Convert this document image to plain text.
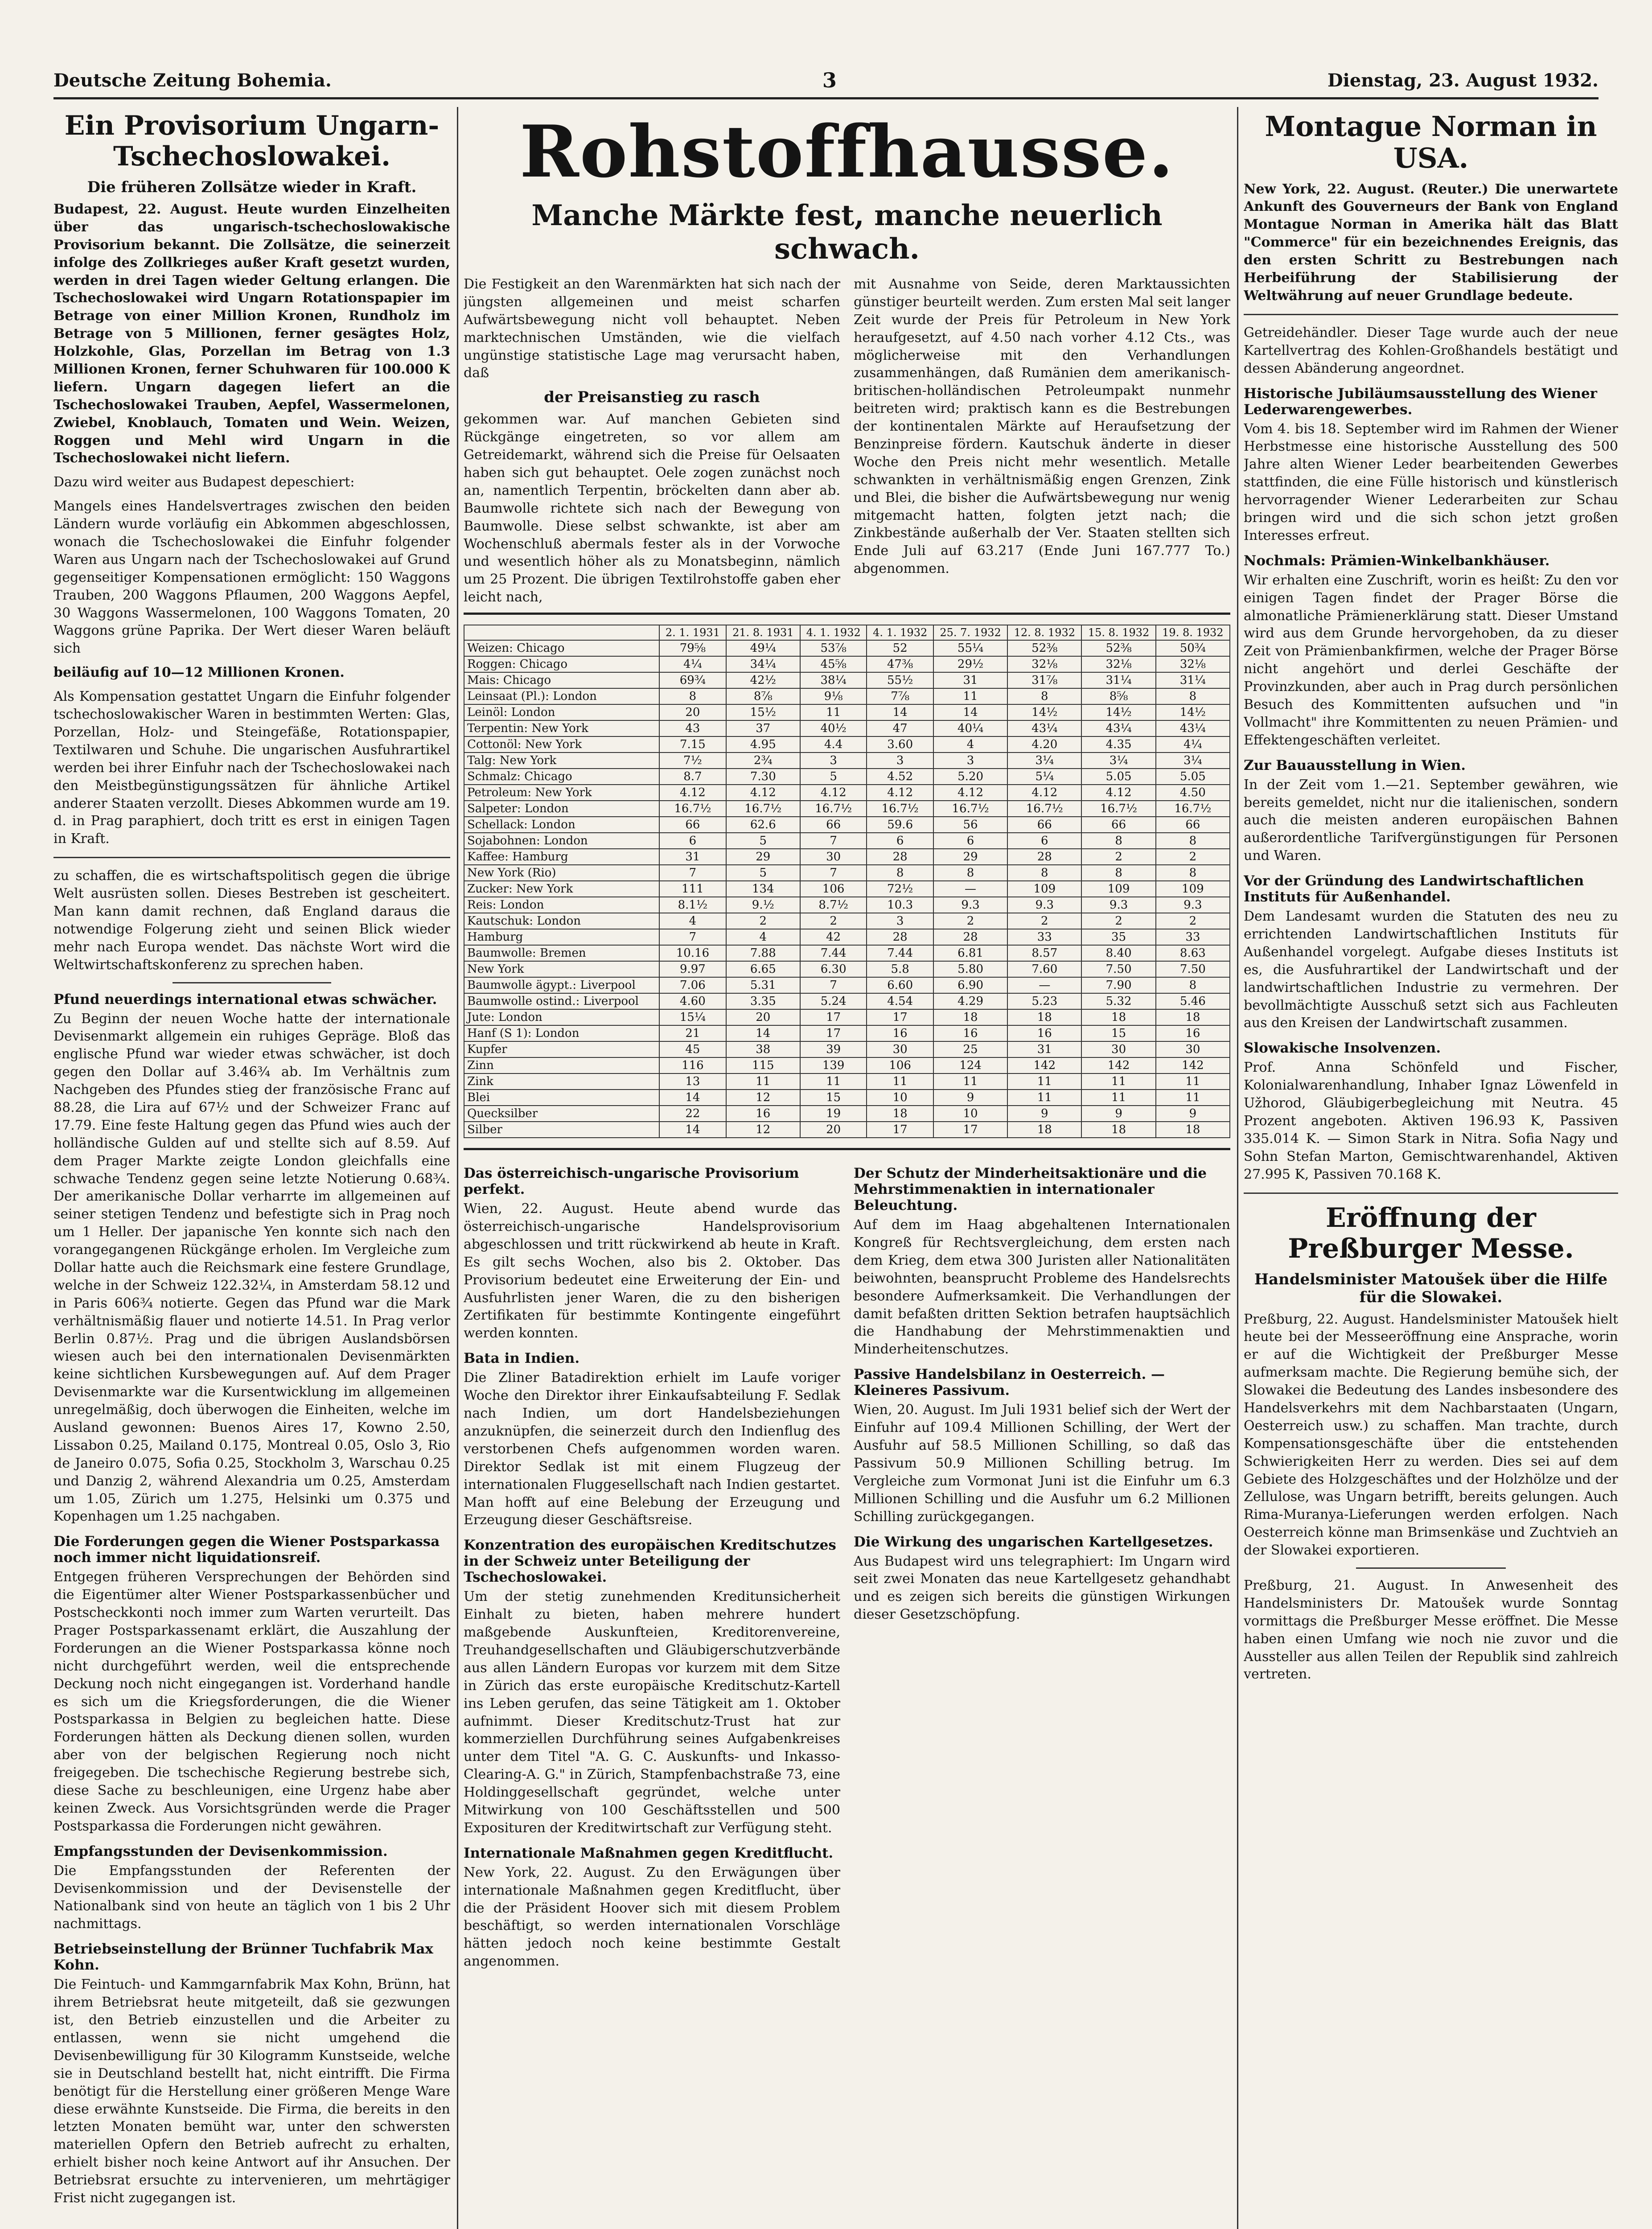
Deutsche Zeitung Bohemia.	3	Dienstag, 23. August 1932.
Ein Provisorium Ungarn-Tschechoslowakei.
Die früheren Zollsätze wieder in Kraft.

Budapest, 22. August. Heute wurden Einzelheiten über das ungarisch-tschechoslowakische Provisorium bekannt. Die Zollsätze, die seinerzeit infolge des Zollkrieges außer Kraft gesetzt wurden, werden in drei Tagen wieder Geltung erlangen. Die Tschechoslowakei wird Ungarn Rotationspapier im Betrage von einer Million Kronen, Rundholz im Betrage von 5 Millionen, ferner gesägtes Holz, Holzkohle, Glas, Porzellan im Betrag von 1.3 Millionen Kronen, ferner Schuhwaren für 100.000 K liefern. Ungarn dagegen liefert an die Tschechoslowakei Trauben, Aepfel, Wassermelonen, Zwiebel, Knoblauch, Tomaten und Wein. Weizen, Roggen und Mehl wird Ungarn in die Tschechoslowakei nicht liefern.

Dazu wird weiter aus Budapest depeschiert:

Mangels eines Handelsvertrages zwischen den beiden Ländern wurde vorläufig ein Abkommen abgeschlossen, wonach die Tschechoslowakei die Einfuhr folgender Waren aus Ungarn nach der Tschechoslowakei auf Grund gegenseitiger Kompensationen ermöglicht: 150 Waggons Trauben, 200 Waggons Pflaumen, 200 Waggons Aepfel, 30 Waggons Wassermelonen, 100 Waggons Tomaten, 20 Waggons grüne Paprika. Der Wert dieser Waren beläuft sich

beiläufig auf 10—12 Millionen Kronen.

Als Kompensation gestattet Ungarn die Einfuhr folgender tschechoslowakischer Waren in bestimmten Werten: Glas, Porzellan, Holz- und Steingefäße, Rotationspapier, Textilwaren und Schuhe. Die ungarischen Ausfuhrartikel werden bei ihrer Einfuhr nach der Tschechoslowakei nach den Meistbegünstigungssätzen für ähnliche Artikel anderer Staaten verzollt. Dieses Abkommen wurde am 19. d. in Prag paraphiert, doch tritt es erst in einigen Tagen in Kraft.

zu schaffen, die es wirtschaftspolitisch gegen die übrige Welt ausrüsten sollen. Dieses Bestreben ist gescheitert. Man kann damit rechnen, daß England daraus die notwendige Folgerung zieht und seinen Blick wieder mehr nach Europa wendet. Das nächste Wort wird die Weltwirtschaftskonferenz zu sprechen haben.

Pfund neuerdings international etwas schwächer.

Zu Beginn der neuen Woche hatte der internationale Devisenmarkt allgemein ein ruhiges Gepräge. Bloß das englische Pfund war wieder etwas schwächer, ist doch gegen den Dollar auf 3.46¾ ab. Im Verhältnis zum Nachgeben des Pfundes stieg der französische Franc auf 88.28, die Lira auf 67½ und der Schweizer Franc auf 17.79. Eine feste Haltung gegen das Pfund wies auch der holländische Gulden auf und stellte sich auf 8.59. Auf dem Prager Markte zeigte London gleichfalls eine schwache Tendenz gegen seine letzte Notierung 0.68¾. Der amerikanische Dollar verharrte im allgemeinen auf seiner stetigen Tendenz und befestigte sich in Prag noch um 1 Heller. Der japanische Yen konnte sich nach den vorangegangenen Rückgänge erholen. Im Vergleiche zum Dollar hatte auch die Reichsmark eine festere Grundlage, welche in der Schweiz 122.32¼, in Amsterdam 58.12 und in Paris 606¾ notierte. Gegen das Pfund war die Mark verhältnismäßig flauer und notierte 14.51. In Prag verlor Berlin 0.87½. Prag und die übrigen Auslandsbörsen wiesen auch bei den internationalen Devisenmärkten keine sichtlichen Kursbewegungen auf. Auf dem Prager Devisenmarkte war die Kursentwicklung im allgemeinen unregelmäßig, doch überwogen die Einheiten, welche im Ausland gewonnen: Buenos Aires 17, Kowno 2.50, Lissabon 0.25, Mailand 0.175, Montreal 0.05, Oslo 3, Rio de Janeiro 0.075, Sofia 0.25, Stockholm 3, Warschau 0.25 und Danzig 2, während Alexandria um 0.25, Amsterdam um 1.05, Zürich um 1.275, Helsinki um 0.375 und Kopenhagen um 1.25 nachgaben.

Die Forderungen gegen die Wiener Postsparkassa noch immer nicht liquidationsreif.

Entgegen früheren Versprechungen der Behörden sind die Eigentümer alter Wiener Postsparkassenbücher und Postscheckkonti noch immer zum Warten verurteilt. Das Prager Postsparkassenamt erklärt, die Auszahlung der Forderungen an die Wiener Postsparkassa könne noch nicht durchgeführt werden, weil die entsprechende Deckung noch nicht eingegangen ist. Vorderhand handle es sich um die Kriegsforderungen, die die Wiener Postsparkassa in Belgien zu begleichen hatte. Diese Forderungen hätten als Deckung dienen sollen, wurden aber von der belgischen Regierung noch nicht freigegeben. Die tschechische Regierung bestrebe sich, diese Sache zu beschleunigen, eine Urgenz habe aber keinen Zweck. Aus Vorsichtsgründen werde die Prager Postsparkassa die Forderungen nicht gewähren.

Empfangsstunden der Devisenkommission.

Die Empfangsstunden der Referenten der Devisenkommission und der Devisenstelle der Nationalbank sind von heute an täglich von 1 bis 2 Uhr nachmittags.

Betriebseinstellung der Brünner Tuchfabrik Max Kohn.

Die Feintuch- und Kammgarnfabrik Max Kohn, Brünn, hat ihrem Betriebsrat heute mitgeteilt, daß sie gezwungen ist, den Betrieb einzustellen und die Arbeiter zu entlassen, wenn sie nicht umgehend die Devisenbewilligung für 30 Kilogramm Kunstseide, welche sie in Deutschland bestellt hat, nicht eintrifft. Die Firma benötigt für die Herstellung einer größeren Menge Ware diese erwähnte Kunstseide. Die Firma, die bereits in den letzten Monaten bemüht war, unter den schwersten materiellen Opfern den Betrieb aufrecht zu erhalten, erhielt bisher noch keine Antwort auf ihr Ansuchen. Der Betriebsrat ersuchte zu intervenieren, um mehrtägiger Frist nicht zugegangen ist.

Rohstoffhausse.
Manche Märkte fest, manche neuerlich schwach.

Die Festigkeit an den Warenmärkten hat sich nach der jüngsten allgemeinen und meist scharfen Aufwärtsbewegung nicht voll behauptet. Neben marktechnischen Umständen, wie die vielfach ungünstige statistische Lage mag verursacht haben, daß

der Preisanstieg zu rasch

gekommen war. Auf manchen Gebieten sind Rückgänge eingetreten, so vor allem am Getreidemarkt, während sich die Preise für Oelsaaten haben sich gut behauptet. Oele zogen zunächst noch an, namentlich Terpentin, bröckelten dann aber ab. Baumwolle richtete sich nach der Bewegung von Baumwolle. Diese selbst schwankte, ist aber am Wochenschluß abermals fester als in der Vorwoche und wesentlich höher als zu Monatsbeginn, nämlich um 25 Prozent. Die übrigen Textilrohstoffe gaben eher leicht nach,

mit Ausnahme von Seide, deren Marktaussichten günstiger beurteilt werden. Zum ersten Mal seit langer Zeit wurde der Preis für Petroleum in New York heraufgesetzt, auf 4.50 nach vorher 4.12 Cts., was möglicherweise mit den Verhandlungen zusammenhängen, daß Rumänien dem amerikanisch-britischen-holländischen Petroleumpakt nunmehr beitreten wird; praktisch kann es die Bestrebungen der kontinentalen Märkte auf Heraufsetzung der Benzinpreise fördern. Kautschuk änderte in dieser Woche den Preis nicht mehr wesentlich. Metalle schwankten in verhältnismäßig engen Grenzen, Zink und Blei, die bisher die Aufwärtsbewegung nur wenig mitgemacht hatten, folgten jetzt nach; die Zinkbestände außerhalb der Ver. Staaten stellten sich Ende Juli auf 63.217 (Ende Juni 167.777 To.) abgenommen.

	2. 1. 1931	21. 8. 1931	4. 1. 1932	4. 1. 1932	25. 7. 1932	12. 8. 1932	15. 8. 1932	19. 8. 1932
Weizen: Chicago	79⅝	49¼	53⅞	52	55¼	52⅜	52⅜	50¾
Roggen: Chicago	4¼	34¼	45⅝	47⅜	29½	32⅛	32⅛	32⅛
Mais: Chicago	69¾	42½	38¼	55½	31	31⅞	31¼	31¼
Leinsaat (Pl.): London	8	8⅞	9⅛	7⅞	11	8	8⅝	8
Leinöl: London	20	15½	11	14	14	14½	14½	14½
Terpentin: New York	43	37	40½	47	40¼	43¼	43¼	43¼
Cottonöl: New York	7.15	4.95	4.4	3.60	4	4.20	4.35	4¼
Talg: New York	7½	2¾	3	3	3	3¼	3¼	3¼
Schmalz: Chicago	8.7	7.30	5	4.52	5.20	5¼	5.05	5.05
Petroleum: New York	4.12	4.12	4.12	4.12	4.12	4.12	4.12	4.50
Salpeter: London	16.7½	16.7½	16.7½	16.7½	16.7½	16.7½	16.7½	16.7½
Schellack: London	66	62.6	66	59.6	56	66	66	66
Sojabohnen: London	6	5	7	6	6	6	8	8
Kaffee: Hamburg	31	29	30	28	29	28	2	2
New York (Rio)	7	5	7	8	8	8	8	8
Zucker: New York	111	134	106	72½	—	109	109	109
Reis: London	8.1½	9.½	8.7½	10.3	9.3	9.3	9.3	9.3
Kautschuk: London	4	2	2	3	2	2	2	2
Hamburg	7	4	42	28	28	33	35	33
Baumwolle: Bremen	10.16	7.88	7.44	7.44	6.81	8.57	8.40	8.63
New York	9.97	6.65	6.30	5.8	5.80	7.60	7.50	7.50
Baumwolle ägypt.: Liverpool	7.06	5.31	7	6.60	6.90	—	7.90	8
Baumwolle ostind.: Liverpool	4.60	3.35	5.24	4.54	4.29	5.23	5.32	5.46
Jute: London	15¼	20	17	17	18	18	18	18
Hanf (S 1): London	21	14	17	16	16	16	15	16
Kupfer	45	38	39	30	25	31	30	30
Zinn	116	115	139	106	124	142	142	142
Zink	13	11	11	11	11	11	11	11
Blei	14	12	15	10	9	11	11	11
Quecksilber	22	16	19	18	10	9	9	9
Silber	14	12	20	17	17	18	18	18
Das österreichisch-ungarische Provisorium perfekt.

Wien, 22. August. Heute abend wurde das österreichisch-ungarische Handelsprovisorium abgeschlossen und tritt rückwirkend ab heute in Kraft. Es gilt sechs Wochen, also bis 2. Oktober. Das Provisorium bedeutet eine Erweiterung der Ein- und Ausfuhrlisten jener Waren, die zu den bisherigen Zertifikaten für bestimmte Kontingente eingeführt werden konnten.

Bata in Indien.

Die Zliner Batadirektion erhielt im Laufe voriger Woche den Direktor ihrer Einkaufsabteilung F. Sedlak nach Indien, um dort Handelsbeziehungen anzuknüpfen, die seinerzeit durch den Indienflug des verstorbenen Chefs aufgenommen worden waren. Direktor Sedlak ist mit einem Flugzeug der internationalen Fluggesellschaft nach Indien gestartet. Man hofft auf eine Belebung der Erzeugung und Erzeugung dieser Geschäftsreise.

Konzentration des europäischen Kreditschutzes in der Schweiz unter Beteiligung der Tschechoslowakei.

Um der stetig zunehmenden Kreditunsicherheit Einhalt zu bieten, haben mehrere hundert maßgebende Auskunfteien, Kreditorenvereine, Treuhandgesellschaften und Gläubigerschutzverbände aus allen Ländern Europas vor kurzem mit dem Sitze in Zürich das erste europäische Kreditschutz-Kartell ins Leben gerufen, das seine Tätigkeit am 1. Oktober aufnimmt. Dieser Kreditschutz-Trust hat zur kommerziellen Durchführung seines Aufgabenkreises unter dem Titel "A. G. C. Auskunfts- und Inkasso-Clearing-A. G." in Zürich, Stampfenbachstraße 73, eine Holdinggesellschaft gegründet, welche unter Mitwirkung von 100 Geschäftsstellen und 500 Exposituren der Kreditwirtschaft zur Verfügung steht.

Internationale Maßnahmen gegen Kreditflucht.

New York, 22. August. Zu den Erwägungen über internationale Maßnahmen gegen Kreditflucht, über die der Präsident Hoover sich mit diesem Problem beschäftigt, so werden internationalen Vorschläge hätten jedoch noch keine bestimmte Gestalt angenommen.

Der Schutz der Minderheitsaktionäre und die Mehrstimmenaktien in internationaler Beleuchtung.

Auf dem im Haag abgehaltenen Internationalen Kongreß für Rechtsvergleichung, dem ersten nach dem Krieg, dem etwa 300 Juristen aller Nationalitäten beiwohnten, beansprucht Probleme des Handelsrechts besondere Aufmerksamkeit. Die Verhandlungen der damit befaßten dritten Sektion betrafen hauptsächlich die Handhabung der Mehrstimmenaktien und Minderheitenschutzes.

Passive Handelsbilanz in Oesterreich. — Kleineres Passivum.

Wien, 20. August. Im Juli 1931 belief sich der Wert der Einfuhr auf 109.4 Millionen Schilling, der Wert der Ausfuhr auf 58.5 Millionen Schilling, so daß das Passivum 50.9 Millionen Schilling betrug. Im Vergleiche zum Vormonat Juni ist die Einfuhr um 6.3 Millionen Schilling und die Ausfuhr um 6.2 Millionen Schilling zurückgegangen.

Die Wirkung des ungarischen Kartellgesetzes.

Aus Budapest wird uns telegraphiert: Im Ungarn wird seit zwei Monaten das neue Kartellgesetz gehandhabt und es zeigen sich bereits die günstigen Wirkungen dieser Gesetzschöpfung.

Montague Norman in USA.

New York, 22. August. (Reuter.) Die unerwartete Ankunft des Gouverneurs der Bank von England Montague Norman in Amerika hält das Blatt "Commerce" für ein bezeichnendes Ereignis, das den ersten Schritt zu Bestrebungen nach Herbeiführung der Stabilisierung der Weltwährung auf neuer Grundlage bedeute.

Getreidehändler. Dieser Tage wurde auch der neue Kartellvertrag des Kohlen-Großhandels bestätigt und dessen Abänderung angeordnet.

Historische Jubiläumsausstellung des Wiener Lederwarengewerbes.

Vom 4. bis 18. September wird im Rahmen der Wiener Herbstmesse eine historische Ausstellung des 500 Jahre alten Wiener Leder bearbeitenden Gewerbes stattfinden, die eine Fülle historisch und künstlerisch hervorragender Wiener Lederarbeiten zur Schau bringen wird und die sich schon jetzt großen Interesses erfreut.

Nochmals: Prämien-Winkelbankhäuser.

Wir erhalten eine Zuschrift, worin es heißt: Zu den vor einigen Tagen findet der Prager Börse die almonatliche Prämienerklärung statt. Dieser Umstand wird aus dem Grunde hervorgehoben, da zu dieser Zeit von Prämienbankfirmen, welche der Prager Börse nicht angehört und derlei Geschäfte der Provinzkunden, aber auch in Prag durch persönlichen Besuch des Kommittenten aufsuchen und "in Vollmacht" ihre Kommittenten zu neuen Prämien- und Effektengeschäften verleitet.

Zur Bauausstellung in Wien.

In der Zeit vom 1.—21. September gewähren, wie bereits gemeldet, nicht nur die italienischen, sondern auch die meisten anderen europäischen Bahnen außerordentliche Tarifvergünstigungen für Personen und Waren.

Vor der Gründung des Landwirtschaftlichen Instituts für Außenhandel.

Dem Landesamt wurden die Statuten des neu zu errichtenden Landwirtschaftlichen Instituts für Außenhandel vorgelegt. Aufgabe dieses Instituts ist es, die Ausfuhrartikel der Landwirtschaft und der landwirtschaftlichen Industrie zu vermehren. Der bevollmächtigte Ausschuß setzt sich aus Fachleuten aus den Kreisen der Landwirtschaft zusammen.

Slowakische Insolvenzen.

Prof. Anna Schönfeld und Fischer, Kolonialwarenhandlung, Inhaber Ignaz Löwenfeld in Užhorod, Gläubigerbegleichung mit Neutra. 45 Prozent angeboten. Aktiven 196.93 K, Passiven 335.014 K. — Simon Stark in Nitra. Sofia Nagy und Sohn Stefan Marton, Gemischtwarenhandel, Aktiven 27.995 K, Passiven 70.168 K.

Eröffnung der Preßburger Messe.
Handelsminister Matoušek über die Hilfe für die Slowakei.

Preßburg, 22. August. Handelsminister Matoušek hielt heute bei der Messeeröffnung eine Ansprache, worin er auf die Wichtigkeit der Preßburger Messe aufmerksam machte. Die Regierung bemühe sich, der Slowakei die Bedeutung des Landes insbesondere des Handelsverkehrs mit dem Nachbarstaaten (Ungarn, Oesterreich usw.) zu schaffen. Man trachte, durch Kompensationsgeschäfte über die entstehenden Schwierigkeiten Herr zu werden. Dies sei auf dem Gebiete des Holzgeschäftes und der Holzhölze und der Zellulose, was Ungarn betrifft, bereits gelungen. Auch Rima-Muranya-Lieferungen werden erfolgen. Nach Oesterreich könne man Brimsenkäse und Zuchtvieh an der Slowakei exportieren.

Preßburg, 21. August. In Anwesenheit des Handelsministers Dr. Matoušek wurde Sonntag vormittags die Preßburger Messe eröffnet. Die Messe haben einen Umfang wie noch nie zuvor und die Aussteller aus allen Teilen der Republik sind zahlreich vertreten.
